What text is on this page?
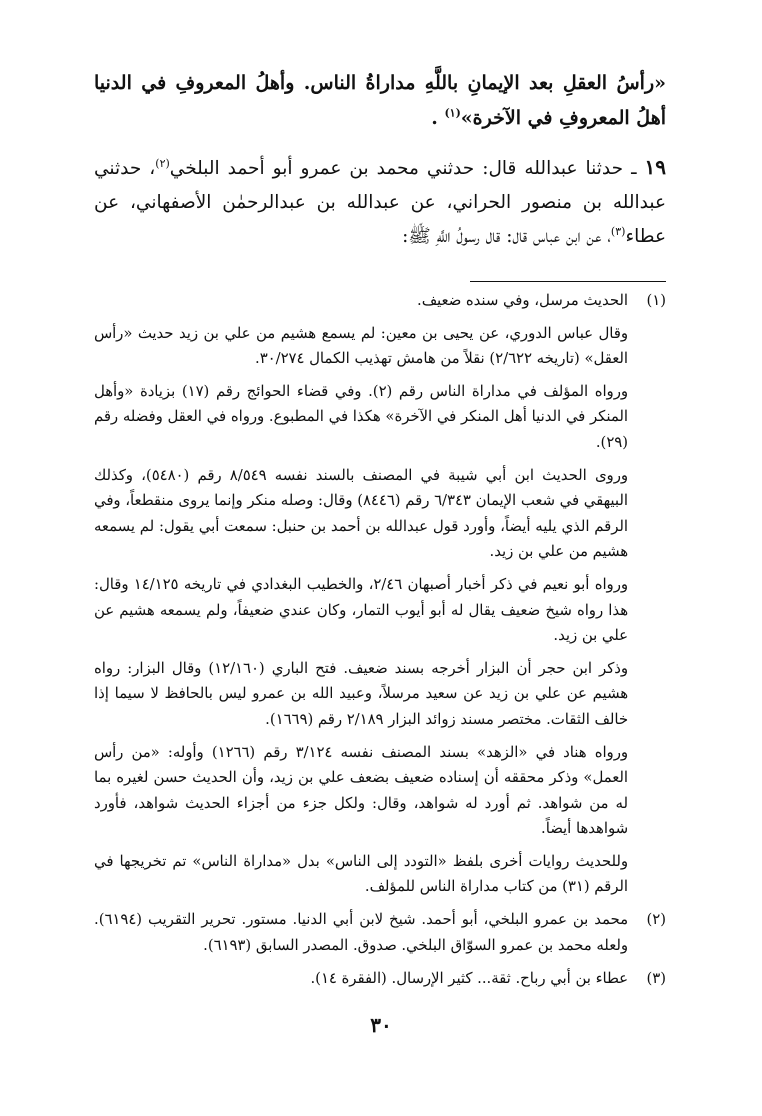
«رأسُ العقلِ بعد الإيمانِ باللَّهِ مداراةُ الناس. وأهلُ المعروفِ في الدنيا أهلُ المعروفِ في الآخرة»$^{(١)}$ .

١٩ ـ حدثنا عبدالله قال: حدثني محمد بن عمرو أبو أحمد البلخي$^{(٢)}$، حدثني عبدالله بن منصور الحراني، عن عبدالله بن عبدالرحمٰن الأصفهاني، عن عطاء$^{(٣)}$، عن ابن عباس قال: قال رسولُ اللَّهِ ﷺ:

(١)

الحديث مرسل، وفي سنده ضعيف.

وقال عباس الدوري، عن يحيى بن معين: لم يسمع هشيم من علي بن زيد حديث «رأس العقل» (تاريخه ٢/٦٢٢) نقلاً من هامش تهذيب الكمال ٣٠/٢٧٤.

ورواه المؤلف في مداراة الناس رقم (٢). وفي قضاء الحوائج رقم (١٧) بزيادة «وأهل المنكر في الدنيا أهل المنكر في الآخرة» هكذا في المطبوع. ورواه في العقل وفضله رقم (٢٩).

وروى الحديث ابن أبي شيبة في المصنف بالسند نفسه ٨/٥٤٩ رقم (٥٤٨٠)، وكذلك البيهقي في شعب الإيمان ٦/٣٤٣ رقم (٨٤٤٦) وقال: وصله منكر وإنما يروى منقطعاً، وفي الرقم الذي يليه أيضاً، وأورد قول عبدالله بن أحمد بن حنبل: سمعت أبي يقول: لم يسمعه هشيم من علي بن زيد.

ورواه أبو نعيم في ذكر أخبار أصبهان ٢/٤٦، والخطيب البغدادي في تاريخه ١٤/١٢٥ وقال: هذا رواه شيخ ضعيف يقال له أبو أيوب التمار، وكان عندي ضعيفاً، ولم يسمعه هشيم عن علي بن زيد.

وذكر ابن حجر أن البزار أخرجه بسند ضعيف. فتح الباري (١٢/١٦٠) وقال البزار: رواه هشيم عن علي بن زيد عن سعيد مرسلاً، وعبيد الله بن عمرو ليس بالحافظ لا سيما إذا خالف الثقات. مختصر مسند زوائد البزار ٢/١٨٩ رقم (١٦٦٩).

ورواه هناد في «الزهد» بسند المصنف نفسه ٣/١٢٤ رقم (١٢٦٦) وأوله: «من رأس العمل» وذكر محققه أن إسناده ضعيف بضعف علي بن زيد، وأن الحديث حسن لغيره بما له من شواهد. ثم أورد له شواهد، وقال: ولكل جزء من أجزاء الحديث شواهد، فأورد شواهدها أيضاً.

وللحديث روايات أخرى بلفظ «التودد إلى الناس» بدل «مداراة الناس» تم تخريجها في الرقم (٣١) من كتاب مداراة الناس للمؤلف.

(٢)

محمد بن عمرو البلخي، أبو أحمد. شيخ لابن أبي الدنيا. مستور. تحرير التقريب (٦١٩٤). ولعله محمد بن عمرو السوّاق البلخي. صدوق. المصدر السابق (٦١٩٣).

(٣)

عطاء بن أبي رباح. ثقة... كثير الإرسال. (الفقرة ١٤).

٣٠
